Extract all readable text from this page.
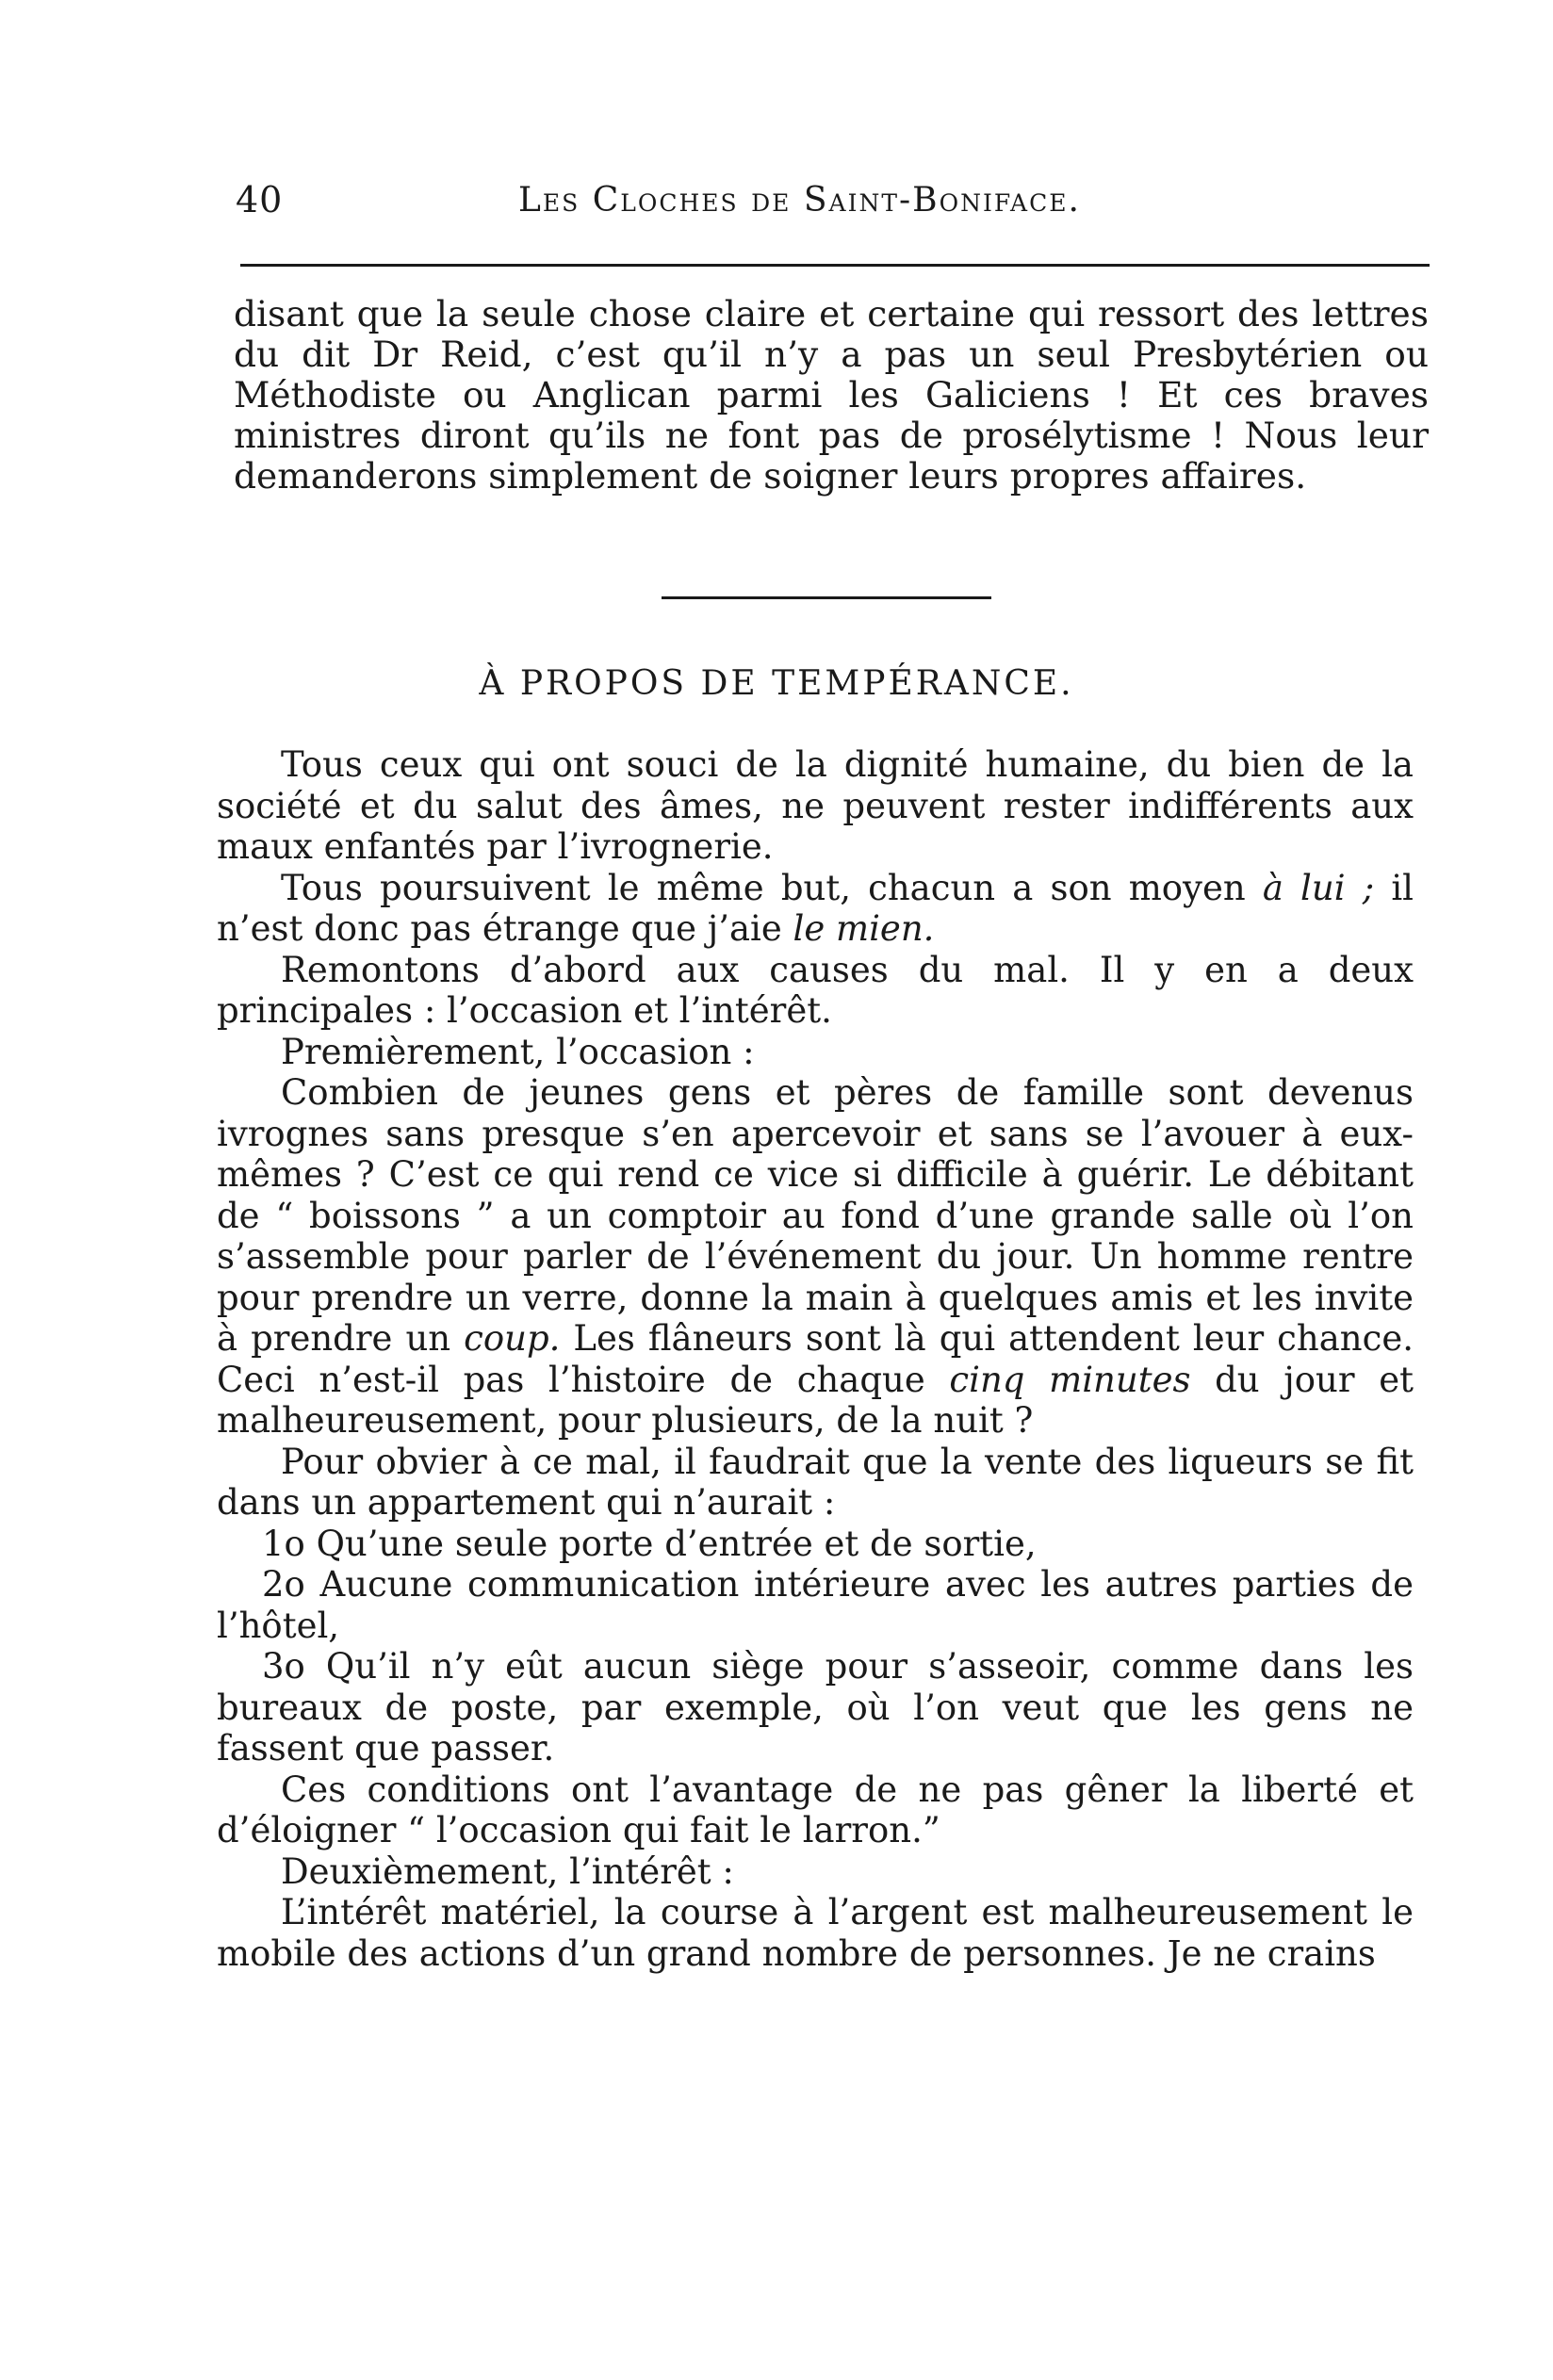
40	Les Cloches de Saint-Boniface.

disant que la seule chose claire et certaine qui ressort des lettres du dit Dr Reid, c’est qu’il n’y a pas un seul Presbytérien ou Méthodiste ou Anglican parmi les Galiciens ! Et ces braves ministres diront qu’ils ne font pas de prosélytisme ! Nous leur demanderons simplement de soigner leurs propres affaires.

À PROPOS DE TEMPÉRANCE.

Tous ceux qui ont souci de la dignité humaine, du bien de la société et du salut des âmes, ne peuvent rester indifférents aux maux enfantés par l’ivrognerie.

Tous poursuivent le même but, chacun a son moyen à lui ; il n’est donc pas étrange que j’aie le mien.

Remontons d’abord aux causes du mal. Il y en a deux principales : l’occasion et l’intérêt.

Premièrement, l’occasion :

Combien de jeunes gens et pères de famille sont devenus ivrognes sans presque s’en apercevoir et sans se l’avouer à eux-mêmes ? C’est ce qui rend ce vice si difficile à guérir. Le débitant de “ boissons ” a un comptoir au fond d’une grande salle où l’on s’assemble pour parler de l’événement du jour. Un homme rentre pour prendre un verre, donne la main à quelques amis et les invite à prendre un coup. Les flâneurs sont là qui attendent leur chance. Ceci n’est-il pas l’histoire de chaque cinq minutes du jour et malheureusement, pour plusieurs, de la nuit ?

Pour obvier à ce mal, il faudrait que la vente des liqueurs se fit dans un appartement qui n’aurait :

1o Qu’une seule porte d’entrée et de sortie,

2o Aucune communication intérieure avec les autres parties de l’hôtel,

3o Qu’il n’y eût aucun siège pour s’asseoir, comme dans les bureaux de poste, par exemple, où l’on veut que les gens ne fassent que passer.

Ces conditions ont l’avantage de ne pas gêner la liberté et d’éloigner “ l’occasion qui fait le larron.”

Deuxièmement, l’intérêt :

L’intérêt matériel, la course à l’argent est malheureusement le mobile des actions d’un grand nombre de personnes. Je ne crains
